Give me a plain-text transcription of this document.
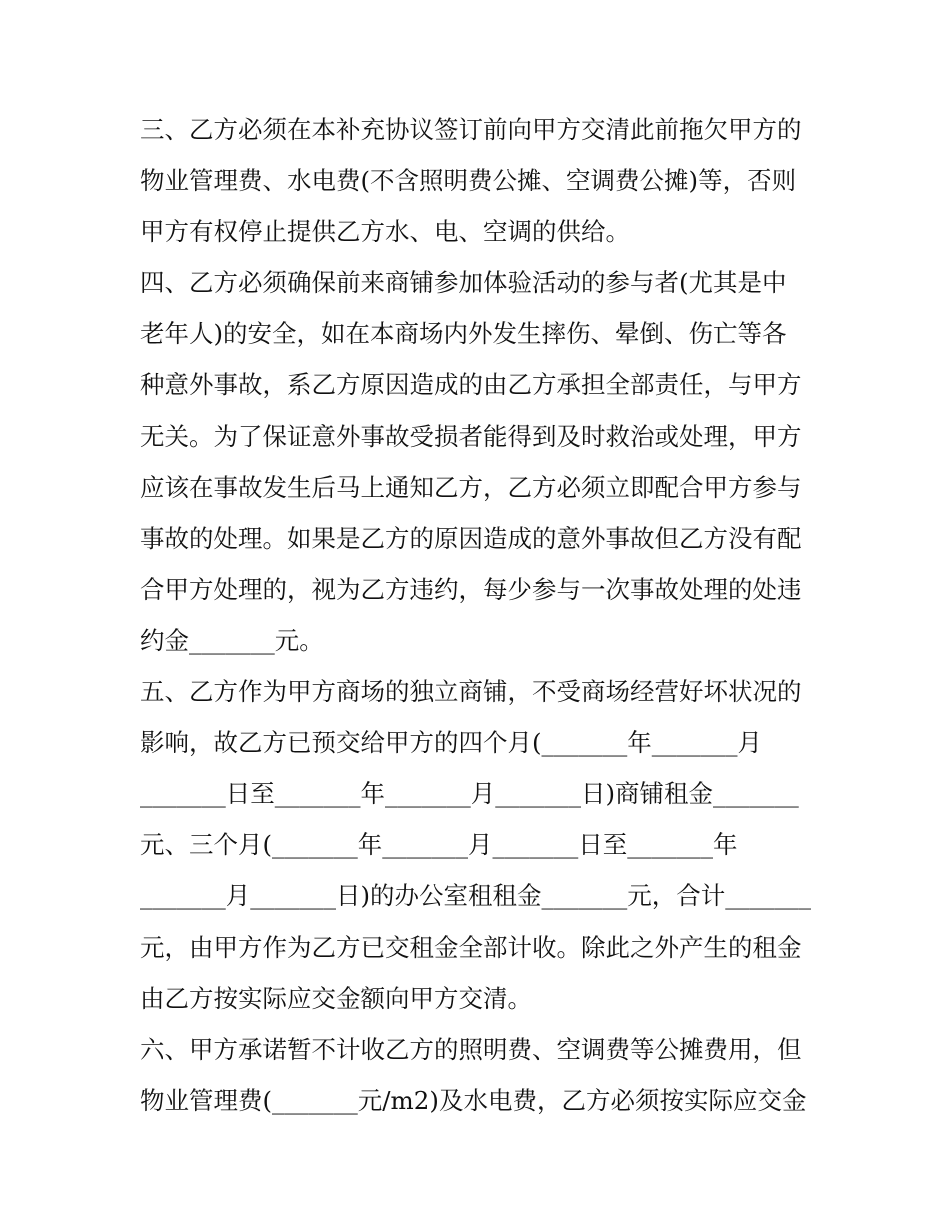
三、乙方必须在本补充协议签订前向甲方交清此前拖欠甲方的
物业管理费、水电费(不含照明费公摊、空调费公摊)等，否则
甲方有权停止提供乙方水、电、空调的供给。
四、乙方必须确保前来商铺参加体验活动的参与者(尤其是中
老年人)的安全，如在本商场内外发生摔伤、晕倒、伤亡等各
种意外事故，系乙方原因造成的由乙方承担全部责任，与甲方
无关。为了保证意外事故受损者能得到及时救治或处理，甲方
应该在事故发生后马上通知乙方，乙方必须立即配合甲方参与
事故的处理。如果是乙方的原因造成的意外事故但乙方没有配
合甲方处理的，视为乙方违约，每少参与一次事故处理的处违
约金_______元。
五、乙方作为甲方商场的独立商铺，不受商场经营好坏状况的
影响，故乙方已预交给甲方的四个月(_______年_______月
_______日至_______年_______月_______日)商铺租金_______
元、三个月(_______年_______月_______日至_______年
_______月_______日)的办公室租租金_______元，合计_______
元，由甲方作为乙方已交租金全部计收。除此之外产生的租金
由乙方按实际应交金额向甲方交清。
六、甲方承诺暂不计收乙方的照明费、空调费等公摊费用，但
物业管理费(_______元/m2)及水电费，乙方必须按实际应交金
